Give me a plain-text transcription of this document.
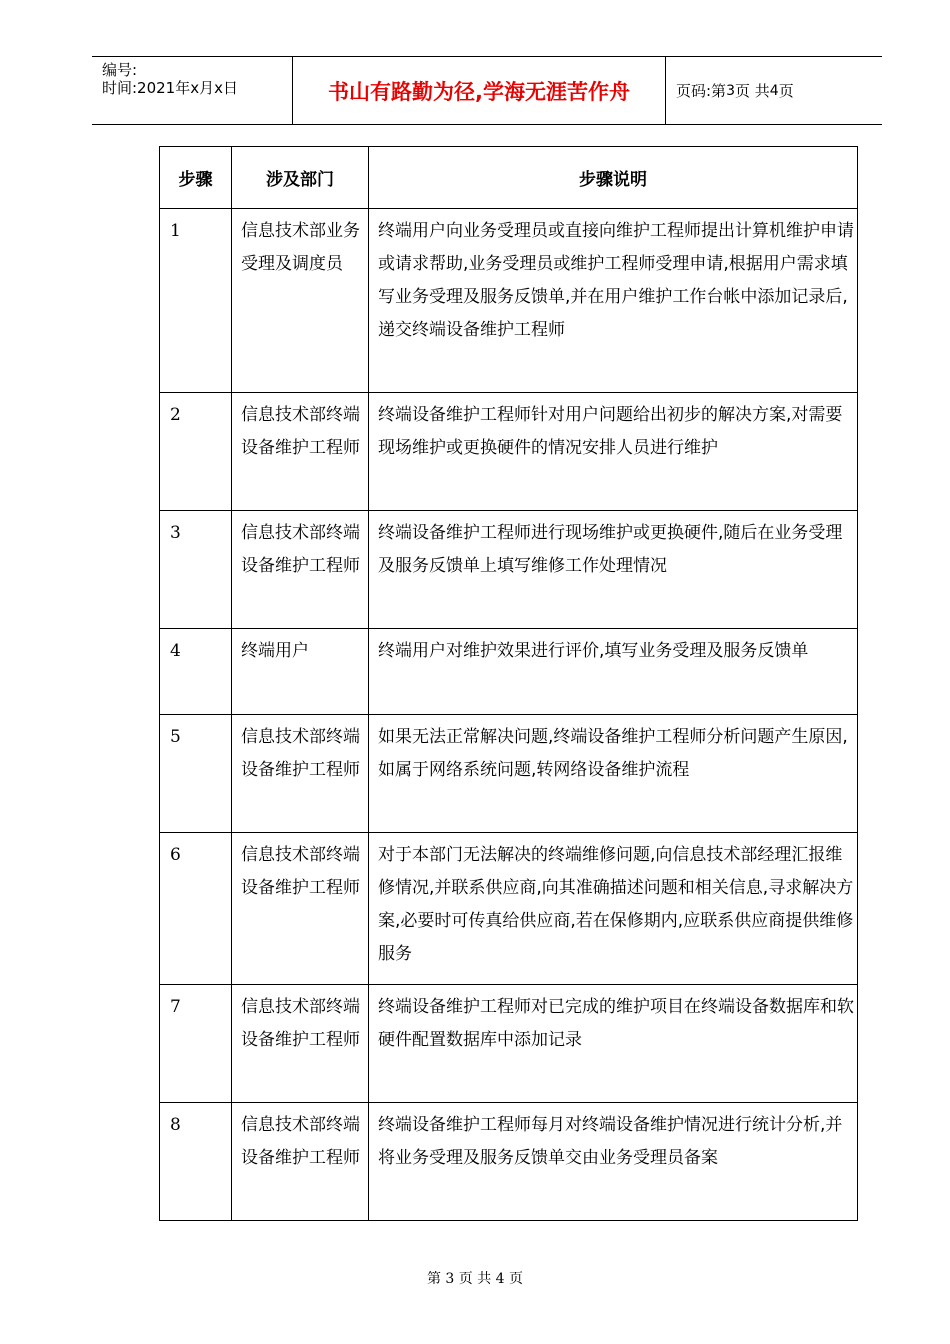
编号:
时间:2021年x月x日	书山有路勤为径,学海无涯苦作舟	页码:第 3 页 共 4 页
步骤	涉及部门	步骤说明
1	信息技术部业务受理及调度员	终端用户向业务受理员或直接向维护工程师提出计算机维护申请或请求帮助,业务受理员或维护工程师受理申请,根据用户需求填写业务受理及服务反馈单,并在用户维护工作台帐中添加记录后,递交终端设备维护工程师
2	信息技术部终端设备维护工程师	终端设备维护工程师针对用户问题给出初步的解决方案,对需要现场维护或更换硬件的情况安排人员进行维护
3	信息技术部终端设备维护工程师	终端设备维护工程师进行现场维护或更换硬件,随后在业务受理及服务反馈单上填写维修工作处理情况
4	终端用户	终端用户对维护效果进行评价,填写业务受理及服务反馈单
5	信息技术部终端设备维护工程师	如果无法正常解决问题,终端设备维护工程师分析问题产生原因,如属于网络系统问题,转网络设备维护流程
6	信息技术部终端设备维护工程师	对于本部门无法解决的终端维修问题,向信息技术部经理汇报维修情况,并联系供应商,向其准确描述问题和相关信息,寻求解决方案,必要时可传真给供应商,若在保修期内,应联系供应商提供维修服务
7	信息技术部终端设备维护工程师	终端设备维护工程师对已完成的维护项目在终端设备数据库和软硬件配置数据库中添加记录
8	信息技术部终端设备维护工程师	终端设备维护工程师每月对终端设备维护情况进行统计分析,并将业务受理及服务反馈单交由业务受理员备案
第 3 页 共 4 页
